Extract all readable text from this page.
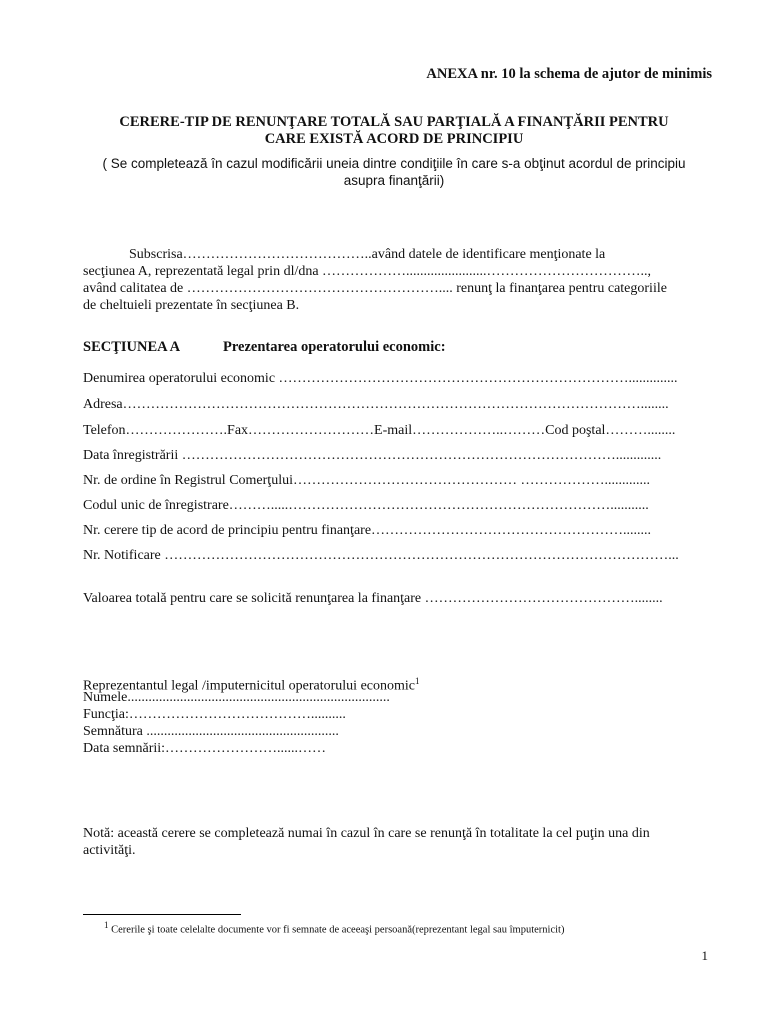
ANEXA nr. 10 la schema de ajutor de minimis
CERERE-TIP DE RENUNŢARE TOTALĂ SAU PARŢIALĂ A FINANŢĂRII PENTRU
CARE EXISTĂ ACORD DE PRINCIPIU
( Se completează în cazul modificării uneia dintre condiţiile în care s-a obţinut acordul de principiu
asupra finanţării)
Subscrisa…………………………………..având datele de identificare menţionate la
secţiunea A, reprezentată legal prin dl/dna ……………….......................……………………………..,
având calitatea de ……………………………………………….... renunţ la finanţarea pentru categoriile
de cheltuieli prezentate în secţiunea B.
SECŢIUNEA A	Prezentarea operatorului economic:
Denumirea operatorului economic …………………………………………………………………..............
Adresa…………………………………………………………………………………………………........
Telefon………………….Fax………………………E-mail………………..………Cod poştal………........
Data înregistrării ………………………………………………………………………………….............
Nr. de ordine în Registrul Comerţului………………………………………… ……………….............
Codul unic de înregistrare……….....……………………………………………………………...........
Nr. cerere tip de acord de principiu pentru finanţare………………………………………………........
Nr. Notificare ………………………………………………………………………………………………...
Valoarea totală pentru care se solicită renunţarea la finanţare ………………………………………........
Reprezentantul legal /imputernicitul operatorului economic$^1$
Numele...........................................................................
Funcţia:…………………………………..........
Semnătura .......................................................
Data semnării:……………………......……
Notă: această cerere se completează numai în cazul în care se renunţă în totalitate la cel puţin una din
activităţi.
$^1$ Cererile şi toate celelalte documente vor fi semnate de aceeaşi persoană(reprezentant legal sau împuternicit)
1
